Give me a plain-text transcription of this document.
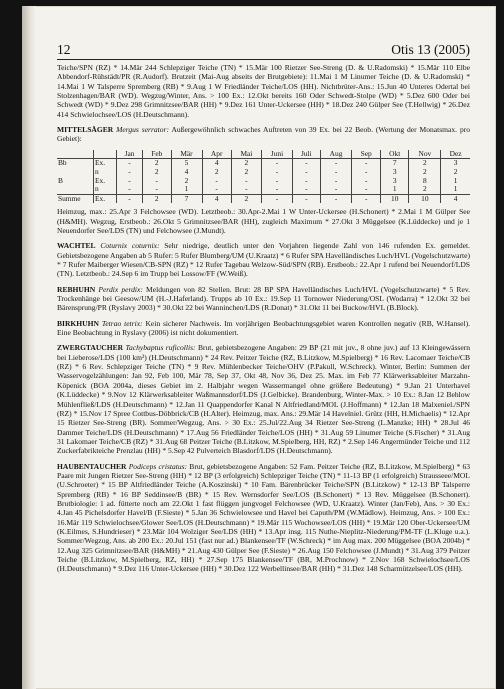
12	Otis 13 (2005)

Teiche/SPN (RZ) * 14.Mär 244 Schlepziger Teiche (TN) * 15.Mär 100 Rietzer See-Streng (D. & U.Radomski) * 15.Mär 110 Elbe Abbendorf-Rühstädt/PR (R.Audorf). Brutzeit (Mai-Aug abseits der Brutgebiete): 11.Mai 1 M Linumer Teiche (D. & U.Radomski) * 14.Mai 1 W Talsperre Spremberg (RB) * 9.Aug 1 W Friedländer Teiche/LOS (HH). Nichtbrüter-Ans.: 15.Jun 40 Unteres Odertal bei Stolzenhagen/BAR (WD). Wegzug/Winter, Ans. > 100 Ex.: 12.Okt bereits 160 Oder Schwedt-Stolpe (WD) * 5.Dez 600 Oder bei Schwedt (WD) * 9.Dez 298 Grimnitzsee/BAR (HH) * 9.Dez 161 Unter-Uckersee (HH) * 18.Dez 240 Gülper See (T.Hellwig) * 26.Dez 414 Schwielochsee/LOS (H.Deutschmann).

MITTELSÄGER Mergus serrator: Außergewöhnlich schwaches Auftreten von 39 Ex. bei 22 Beob. (Wertung der Monatsmax. pro Gebiet):

		Jan	Feb	Mär	Apr	Mai	Juni	Juli	Aug	Sep	Okt	Nov	Dez
Bb	Ex.	-	2	5	4	2	-	-	-	-	7	2	3
	n	-	2	4	2	2	-	-	-	-	3	2	2
B	Ex.	-	-	2	-	-	-	-	-	-	3	8	1
	n	-	-	1	-	-	-	-	-	-	1	2	1
Summe	Ex.	-	2	7	4	2	-	-	-	-	10	10	4

Heimzug, max.: 25.Apr 3 Felchowsee (WD). Letztbeob.: 30.Apr-2.Mai 1 W Unter-Uckersee (H.Schonert) * 2.Mai 1 M Gülper See (H&MH). Wegzug, Erstbeob.: 26.Okt 5 Grimnitzsee/BAR (HH), zugleich Maximum * 27.Okt 3 Müggelsee (K.Lüddecke) und je 1 Neuendorfer See/LDS (TN) und Felchowsee (J.Mundt).

WACHTEL Coturnix coturnix: Sehr niedrige, deutlich unter den Vorjahren liegende Zahl von 146 rufenden Ex. gemeldet. Gebietsbezogene Angaben ab 5 Rufer: 5 Rufer Blumberg/UM (U.Kraatz) * 6 Rufer SPA Havelländisches Luch/HVL (Vogelschutzwarte) * 7 Rufer Maiberger Wiesen/CB-SPN (RZ) * 12 Rufer Tagebau Welzow-Süd/SPN (RB). Erstbeob.: 22.Apr 1 rufend bei Neuendorf/LDS (TN). Letztbeob.: 24.Sep 6 im Trupp bei Lossow/FF (W.Weiß).

REBHUHN Perdix perdix: Meldungen von 82 Stellen. Brut: 28 BP SPA Havelländisches Luch/HVL (Vogelschutzwarte) * 5 Rev. Trockenhänge bei Geesow/UM (H.-J.Haferland). Trupps ab 10 Ex.: 19.Sep 11 Tornower Niederung/OSL (Wodarra) * 12.Okt 32 bei Bärensprung/PR (Ryslavy 2003) * 30.Okt 22 bei Wanninchen/LDS (R.Donat) * 31.Okt 11 bei Buckow/HVL (B.Block).

BIRKHUHN Tetrao tetrix: Kein sicherer Nachweis. Im vorjährigen Beobachtungsgebiet waren Kontrollen negativ (RB, W.Hansel). Eine Beobachtung in Ryslavy (2006) ist nicht dokumentiert.

ZWERGTAUCHER Tachybaptus ruficollis: Brut, gebietsbezogene Angaben: 29 BP (21 mit juv., 8 ohne juv.) auf 13 Kleingewässern bei Lieberose/LDS (100 km²) (H.Deutschmann) * 24 Rev. Peitzer Teiche (RZ, B.Litzkow, M.Spielberg) * 16 Rev. Lacomaer Teiche/CB (RZ) * 6 Rev. Schlepziger Teiche (TN) * 9 Rev. Mühlenbecker Teiche/OHV (P.Pakull, W.Schreck). Winter, Berlin: Summen der Wasservogelzählungen: Jan 92, Feb 100, Mär 78, Sep 37, Okt 48, Nov 36, Dez 25. Max. im Feb 77 Klärwerksableiter Marzahn-Köpenick (BOA 2004a, dieses Gebiet im 2. Halbjahr wegen Wassermangel ohne größere Bedeutung) * 9.Jan 21 Unterhavel (K.Lüddecke) * 9.Nov 12 Klärwerksableiter Waßmannsdorf/LDS (J.Gelbicke). Brandenburg, Winter-Max. > 10 Ex.: 8.Jan 12 Behlow Mühlenfließ/LDS (H.Deutschmann) * 12.Jan 11 Quappendorfer Kanal N Altfriedland/MOL (J.Hoffmann) * 12.Jan 18 Malxeniel./SPN (RZ) * 15.Nov 17 Spree Cottbus-Döbbrick/CB (H.Alter). Heimzug, max. Ans.: 29.Mär 14 Havelniel. Grütz (HH, H.Michaelis) * 12.Apr 15 Rietzer See-Streng (BR). Sommer/Wegzug, Ans. > 30 Ex.: 25.Jul/22.Aug 34 Rietzer See-Streng (L.Manzke; HH) * 28.Jul 46 Dammer Teiche/LDS (H.Deutschmann) * 17.Aug 56 Friedländer Teiche/LOS (HH) * 31.Aug 59 Linumer Teiche (S.Fischer) * 31.Aug 31 Lakomaer Teiche/CB (RZ) * 31.Aug 68 Peitzer Teiche (B.Litzkow, M.Spielberg, HH, RZ) * 2.Sep 146 Angermünder Teiche und 112 Zuckerfabrikteiche Prenzlau (HH) * 5.Sep 42 Pulverteich Blasdorf/LDS (H.Deutschmann).

HAUBENTAUCHER Podiceps cristatus: Brut, gebietsbezogene Angaben: 52 Fam. Peitzer Teiche (RZ, B.Litzkow, M.Spielberg) * 63 Paare mit Jungen Rietzer See-Streng (HH) * 12 BP (3 erfolgreich) Schlepziger Teiche (TN) * 11-13 BP (1 erfolgreich) Strausseee/MOL (U.Schroeter) * 15 BP Altfriedländer Teiche (A.Koszinski) * 10 Fam. Bärenbrücker Teiche/SPN (B.Litzkow) * 12-13 BP Talsperre Spremberg (RB) * 16 BP Seddinsee/B (BR) * 15 Rev. Wernsdorfer See/LOS (B.Schonert) * 13 Rev. Müggelsee (B.Schonert). Brutbiologie: 1 ad. fütterte noch am 22.Okt 1 fast flüggen jungvogel Felchowsee (WD, U.Kraatz). Winter (Jan/Feb), Ans. > 30 Ex.: 4.Jan 45 Pichelsdorfer Havel/B (F.Sieste) * 5.Jan 36 Schwielowsee und Havel bei Caputh/PM (W.Mädlow). Heimzug, Ans. > 100 Ex.: 16.Mär 119 Schwielochsee/Glower See/LOS (H.Deutschmann) * 19.Mär 115 Wochowsee/LOS (HH) * 19.Mär 120 Ober-Uckersee/UM (K.Eilmes, S.Hundrieser) * 23.Mär 104 Wolziger See/LDS (HH) * 13.Apr insg. 115 Nuthe-Nieplitz-Niederung/PM-TF (L.Kluge u.a.). Sommer/Wegzug, Ans. ab 200 Ex.: 20.Jul 151 (fast nur ad.) Blankensee/TF (W.Schreck) * im Aug max. 200 Müggelsee (BOA 2004b) * 12.Aug 325 Grimnitzsee/BAR (H&MH) * 21.Aug 430 Gülper See (F.Sieste) * 26.Aug 150 Felchowsee (J.Mundt) * 31.Aug 379 Peitzer Teiche (B.Litzkow, M.Spielberg, RZ, HH) * 27.Sep 175 Blankensee/TF (BR, M.Prochnow) * 2.Nov 168 Schwielochsee/LOS (H.Deutschmann) * 9.Dez 116 Unter-Uckersee (HH) * 30.Dez 122 Werbellinsee/BAR (HH) * 31.Dez 148 Scharmützelsee/LOS (HH).
